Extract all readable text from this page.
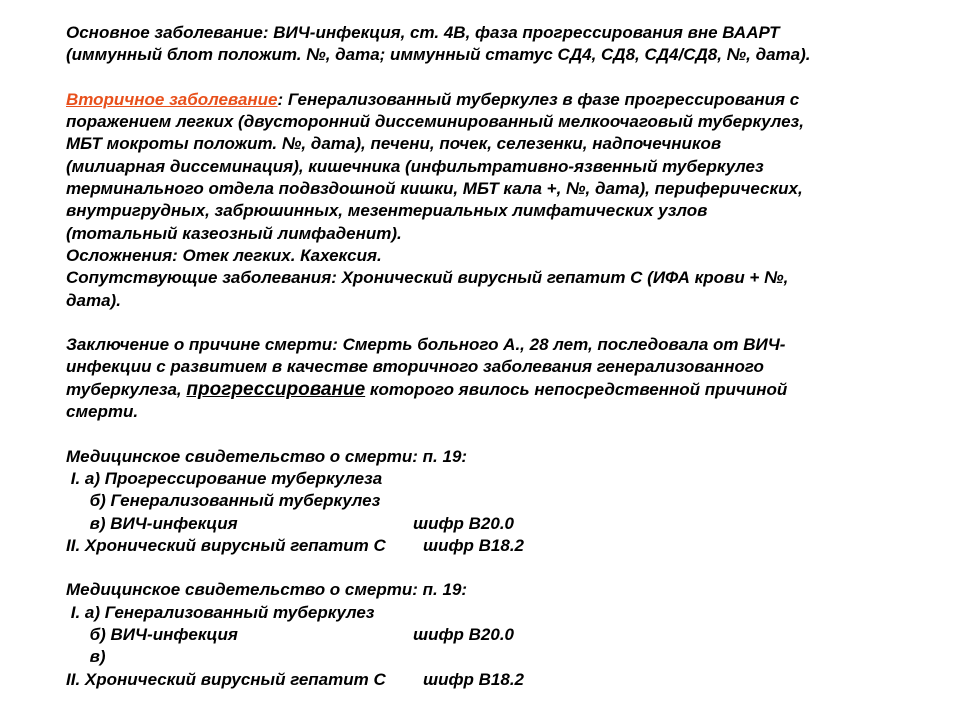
Основное заболевание: ВИЧ-инфекция, ст. 4В, фаза прогрессирования вне ВААРТ
(иммунный блот положит. №, дата; иммунный статус СД4, СД8, СД4/СД8, №, дата).
Вторичное заболевание: Генерализованный туберкулез в фазе прогрессирования с
поражением легких (двусторонний диссеминированный мелкоочаговый туберкулез,
МБТ мокроты положит. №, дата), печени, почек, селезенки, надпочечников
(милиарная диссеминация), кишечника (инфильтративно-язвенный туберкулез
терминального отдела подвздошной кишки, МБТ кала +, №, дата), периферических,
внутригрудных, забрюшинных, мезентериальных лимфатических узлов
(тотальный казеозный лимфаденит).
Осложнения: Отек легких. Кахексия.
Сопутствующие заболевания: Хронический вирусный гепатит С (ИФА крови + №,
дата).
Заключение о причине смерти: Смерть больного А., 28 лет, последовала от ВИЧ-
инфекции с развитием в качестве вторичного заболевания генерализованного
туберкулеза, прогрессирование которого явилось непосредственной причиной
смерти.
Медицинское свидетельство о смерти: п. 19:
I. а) Прогрессирование туберкулеза
б) Генерализованный туберкулез
в) ВИЧ-инфекция	шифр В20.0
II. Хронический вирусный гепатит С шифр В18.2
Медицинское свидетельство о смерти: п. 19:
I. а) Генерализованный туберкулез
б) ВИЧ-инфекция	шифр В20.0
в)
II. Хронический вирусный гепатит С шифр В18.2
